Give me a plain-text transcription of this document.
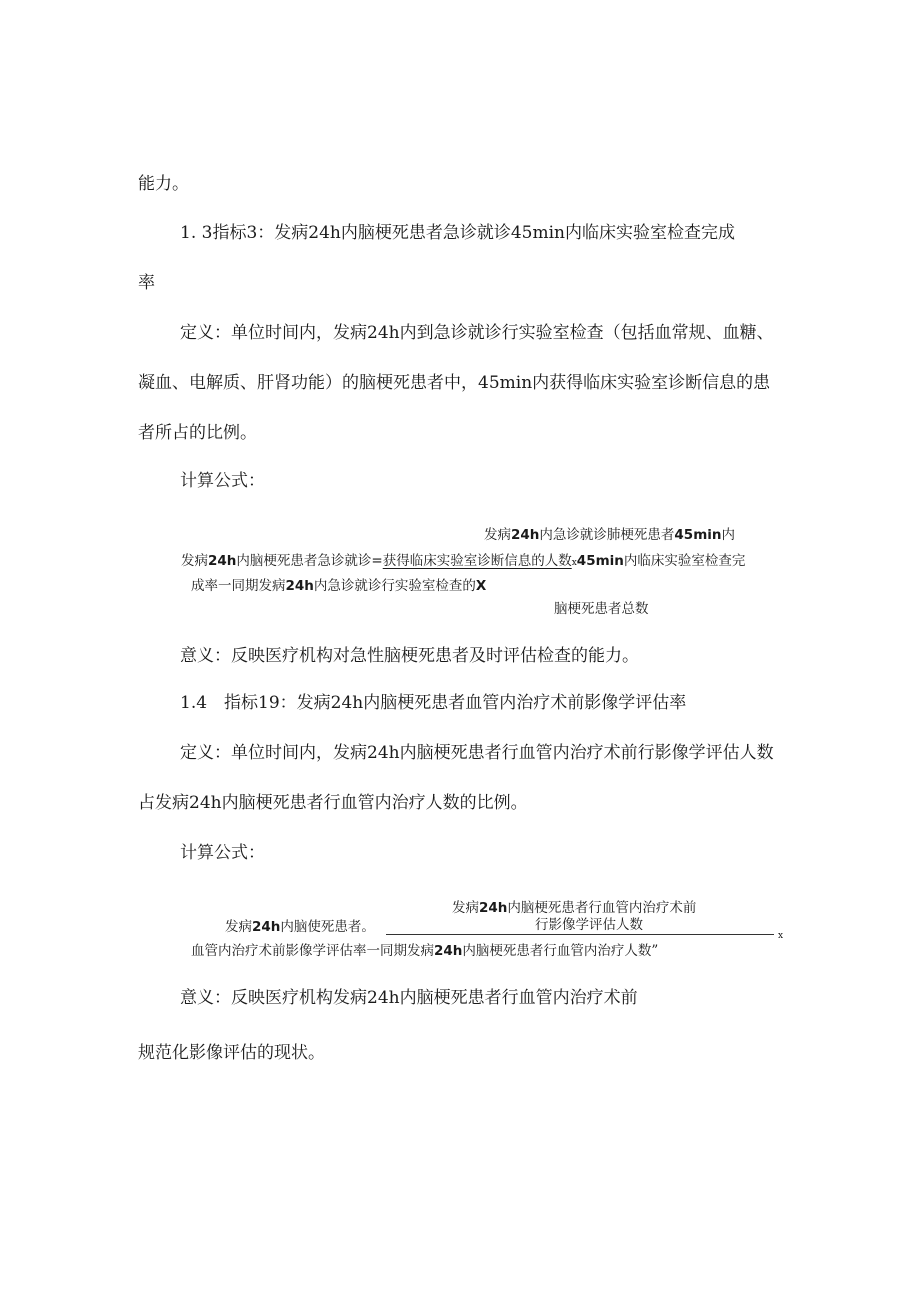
能力。
1. 3指标3：发病24h内脑梗死患者急诊就诊45min内临床实验室检查完成
率
定义：单位时间内，发病24h内到急诊就诊行实验室检查（包括血常规、血糖、
凝血、电解质、肝肾功能）的脑梗死患者中，45min内获得临床实验室诊断信息的患
者所占的比例。
计算公式：
发病24h内急诊就诊肺梗死患者45min内
发病24h内脑梗死患者急诊就诊=获得临床实验室诊断信息的人数x45min内临床实验室检查完
成率一同期发病24h内急诊就诊行实验室检查的X
脑梗死患者总数
意义：反映医疗机构对急性脑梗死患者及时评估检查的能力。
1.4　指标19：发病24h内脑梗死患者血管内治疗术前影像学评估率
定义：单位时间内，发病24h内脑梗死患者行血管内治疗术前行影像学评估人数
占发病24h内脑梗死患者行血管内治疗人数的比例。
计算公式：
发病24h内脑梗死患者行血管内治疗术前
发病24h内脑使死患者。	行影像学评估人数
x
血管内治疗术前影像学评估率一同期发病24h内脑梗死患者行血管内治疗人数”
意义：反映医疗机构发病24h内脑梗死患者行血管内治疗术前
规范化影像评估的现状。
